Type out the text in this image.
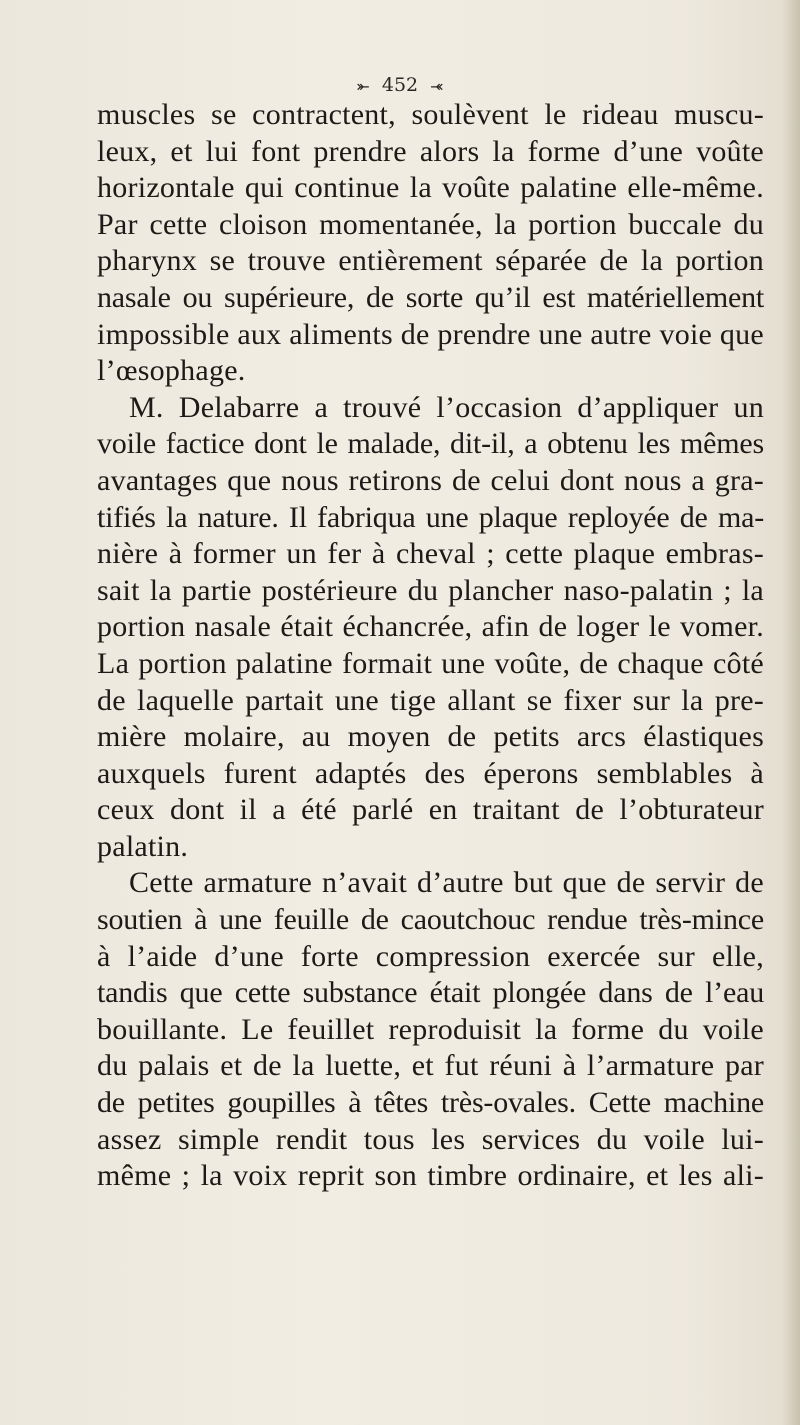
⤜ 452 ⤛
muscles se contractent, soulèvent le rideau muscu-
leux, et lui font prendre alors la forme d’une voûte
horizontale qui continue la voûte palatine elle-même.
Par cette cloison momentanée, la portion buccale du
pharynx se trouve entièrement séparée de la portion
nasale ou supérieure, de sorte qu’il est matériellement
impossible aux aliments de prendre une autre voie que
l’œsophage.
M. Delabarre a trouvé l’occasion d’appliquer un
voile factice dont le malade, dit-il, a obtenu les mêmes
avantages que nous retirons de celui dont nous a gra-
tifiés la nature. Il fabriqua une plaque reployée de ma-
nière à former un fer à cheval ; cette plaque embras-
sait la partie postérieure du plancher naso-palatin ; la
portion nasale était échancrée, afin de loger le vomer.
La portion palatine formait une voûte, de chaque côté
de laquelle partait une tige allant se fixer sur la pre-
mière molaire, au moyen de petits arcs élastiques
auxquels furent adaptés des éperons semblables à
ceux dont il a été parlé en traitant de l’obturateur
palatin.
Cette armature n’avait d’autre but que de servir de
soutien à une feuille de caoutchouc rendue très-mince
à l’aide d’une forte compression exercée sur elle,
tandis que cette substance était plongée dans de l’eau
bouillante. Le feuillet reproduisit la forme du voile
du palais et de la luette, et fut réuni à l’armature par
de petites goupilles à têtes très-ovales. Cette machine
assez simple rendit tous les services du voile lui-
même ; la voix reprit son timbre ordinaire, et les ali-
